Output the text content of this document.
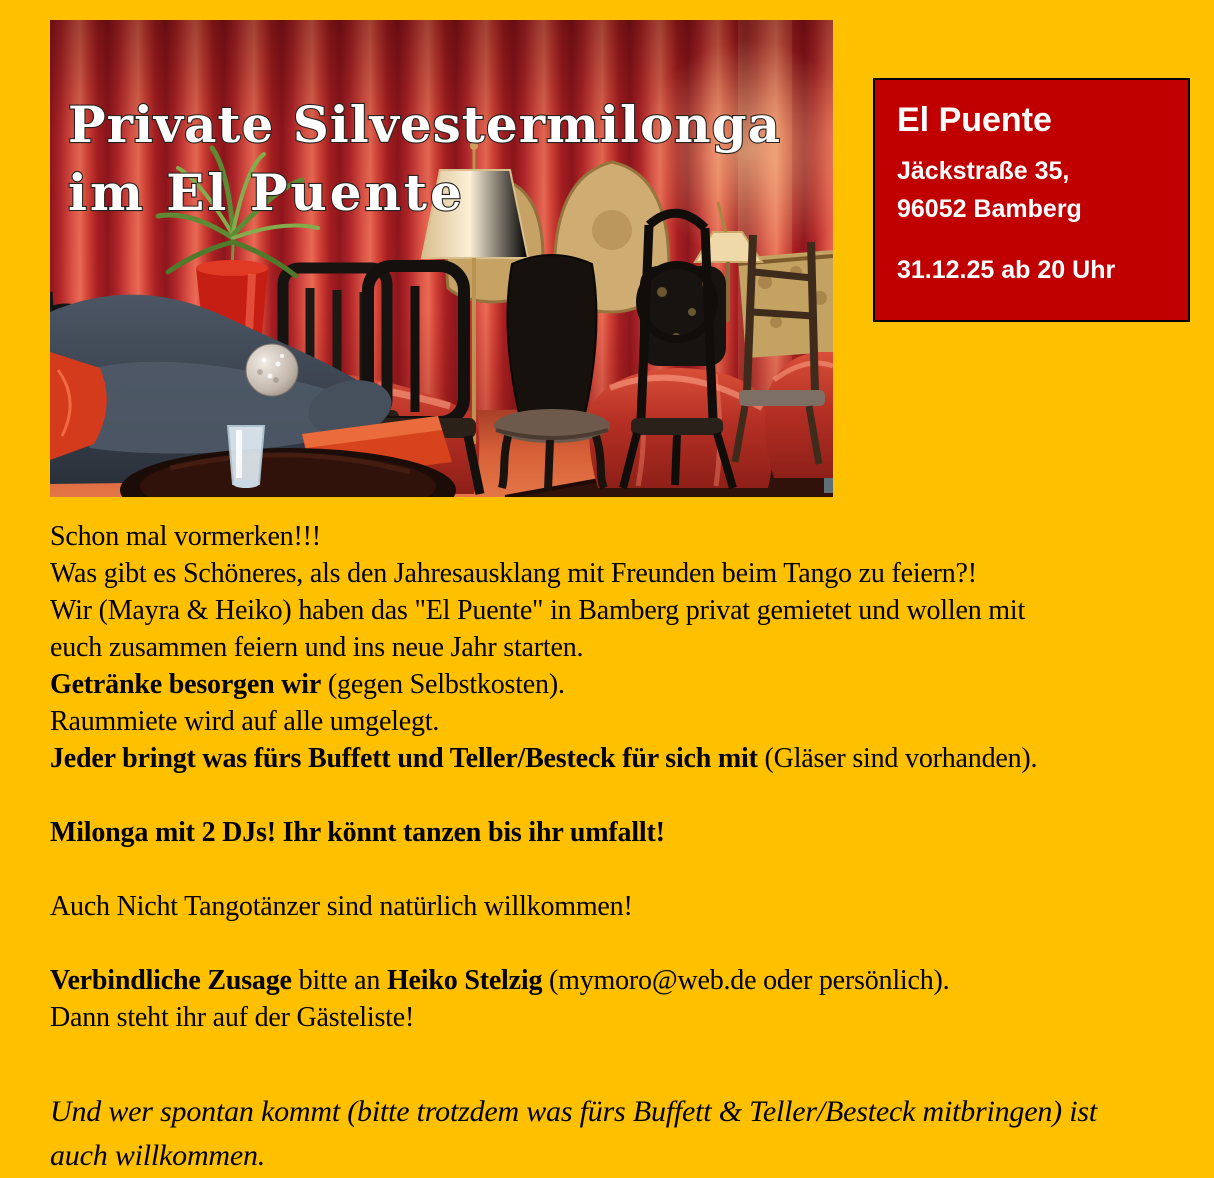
Private Silvestermilonga
im El Puente
El Puente
Jäckstraße 35,
96052 Bamberg
31.12.25 ab 20 Uhr

Schon mal vormerken!!!
Was gibt es Schöneres, als den Jahresausklang mit Freunden beim Tango zu feiern?!
Wir (Mayra & Heiko) haben das "El Puente" in Bamberg privat gemietet und wollen mit
euch zusammen feiern und ins neue Jahr starten.

Getränke besorgen wir (gegen Selbstkosten).
Raummiete wird auf alle umgelegt.
Jeder bringt was fürs Buffett und Teller/Besteck für sich mit (Gläser sind vorhanden).

Milonga mit 2 DJs! Ihr könnt tanzen bis ihr umfallt!

Auch Nicht Tangotänzer sind natürlich willkommen!

Verbindliche Zusage bitte an Heiko Stelzig (mymoro@web.de oder persönlich).
Dann steht ihr auf der Gästeliste!

Und wer spontan kommt (bitte trotzdem was fürs Buffett & Teller/Besteck mitbringen) ist
auch willkommen.
